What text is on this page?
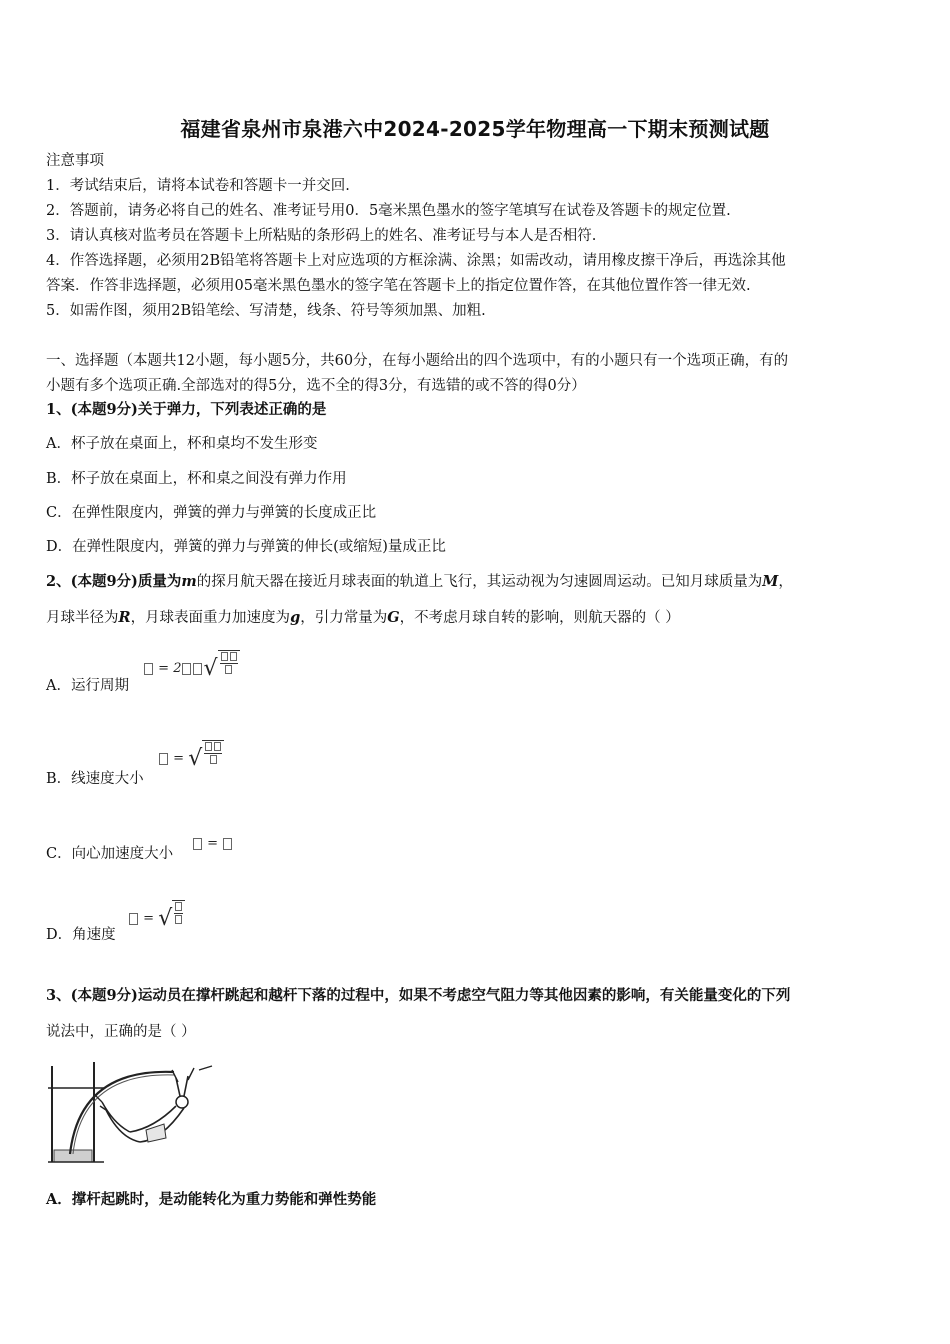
福建省泉州市泉港六中2024-2025学年物理高一下期末预测试题
注意事项
1．考试结束后，请将本试卷和答题卡一并交回.
2．答题前，请务必将自己的姓名、准考证号用0．5毫米黑色墨水的签字笔填写在试卷及答题卡的规定位置.
3．请认真核对监考员在答题卡上所粘贴的条形码上的姓名、准考证号与本人是否相符.
4．作答选择题，必须用2B铅笔将答题卡上对应选项的方框涂满、涂黑；如需改动，请用橡皮擦干净后，再选涂其他
答案．作答非选择题，必须用05毫米黑色墨水的签字笔在答题卡上的指定位置作答，在其他位置作答一律无效.
5．如需作图，须用2B铅笔绘、写清楚，线条、符号等须加黑、加粗.
一、选择题（本题共12小题，每小题5分，共60分，在每小题给出的四个选项中，有的小题只有一个选项正确，有的
小题有多个选项正确.全部选对的得5分，选不全的得3分，有选错的或不答的得0分）
1、(本题9分)关于弹力，下列表述正确的是
A．杯子放在桌面上，杯和桌均不发生形变
B．杯子放在桌面上，杯和桌之间没有弹力作用
C．在弹性限度内，弹簧的弹力与弹簧的长度成正比
D．在弹性限度内，弹簧的弹力与弹簧的伸长(或缩短)量成正比
2、(本题9分)质量为m的探月航天器在接近月球表面的轨道上飞行，其运动视为匀速圆周运动。已知月球质量为M，
月球半径为R，月球表面重力加速度为g，引力常量为G，不考虑月球自转的影响，则航天器的（ ）
A．运行周期
= 2 √
B．线速度大小
= √
C．向心加速度大小
=
D．角速度
= √
3、(本题9分)运动员在撑杆跳起和越杆下落的过程中，如果不考虑空气阻力等其他因素的影响，有关能量变化的下列
说法中，正确的是（ ）
A．撑杆起跳时，是动能转化为重力势能和弹性势能
